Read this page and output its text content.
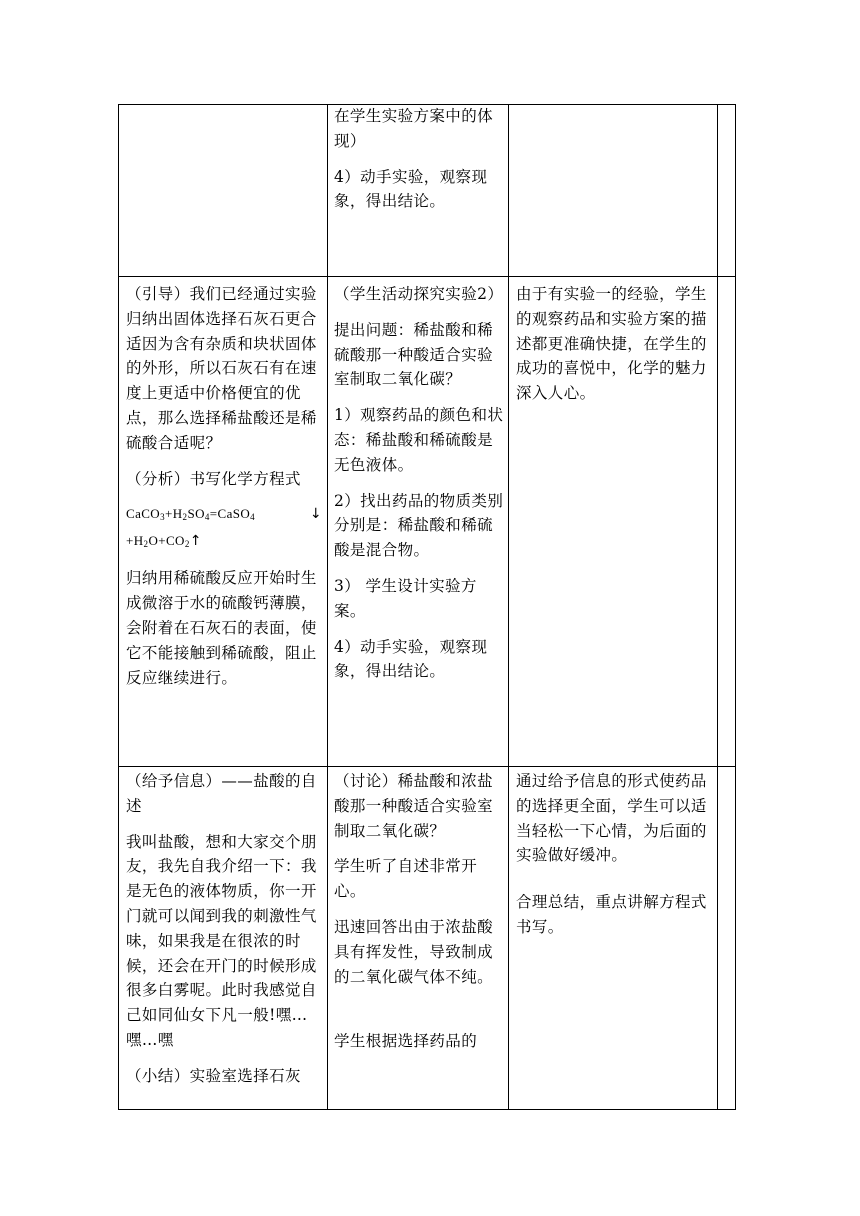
在学生实验方案中的体现）

4）动手实验，观察现象，得出结论。

（引导）我们已经通过实验归纳出固体选择石灰石更合适因为含有杂质和块状固体的外形，所以石灰石有在速度上更适中价格便宜的优点，那么选择稀盐酸还是稀硫酸合适呢？

（分析）书写化学方程式

$CaCO_3+H_2SO_4=CaSO_4$	↓
$+H_2O+CO_2↑$

归纳用稀硫酸反应开始时生成微溶于水的硫酸钙薄膜，会附着在石灰石的表面，使它不能接触到稀硫酸，阻止反应继续进行。

（学生活动探究实验2）

提出问题：稀盐酸和稀硫酸那一种酸适合实验室制取二氧化碳？

1）观察药品的颜色和状态：稀盐酸和稀硫酸是无色液体。

2）找出药品的物质类别分别是：稀盐酸和稀硫酸是混合物。

3） 学生设计实验方案。

4）动手实验，观察现象，得出结论。

由于有实验一的经验，学生的观察药品和实验方案的描述都更准确快捷，在学生的成功的喜悦中，化学的魅力深入人心。

（给予信息）——盐酸的自述

我叫盐酸，想和大家交个朋友，我先自我介绍一下：我是无色的液体物质，你一开门就可以闻到我的刺激性气味，如果我是在很浓的时候，还会在开门的时候形成很多白雾呢。此时我感觉自己如同仙女下凡一般!嘿…嘿…嘿

（小结）实验室选择石灰

（讨论）稀盐酸和浓盐酸那一种酸适合实验室制取二氧化碳？

学生听了自述非常开心。

迅速回答出由于浓盐酸具有挥发性，导致制成的二氧化碳气体不纯。

学生根据选择药品的

通过给予信息的形式使药品的选择更全面，学生可以适当轻松一下心情，为后面的实验做好缓冲。

合理总结，重点讲解方程式书写。
